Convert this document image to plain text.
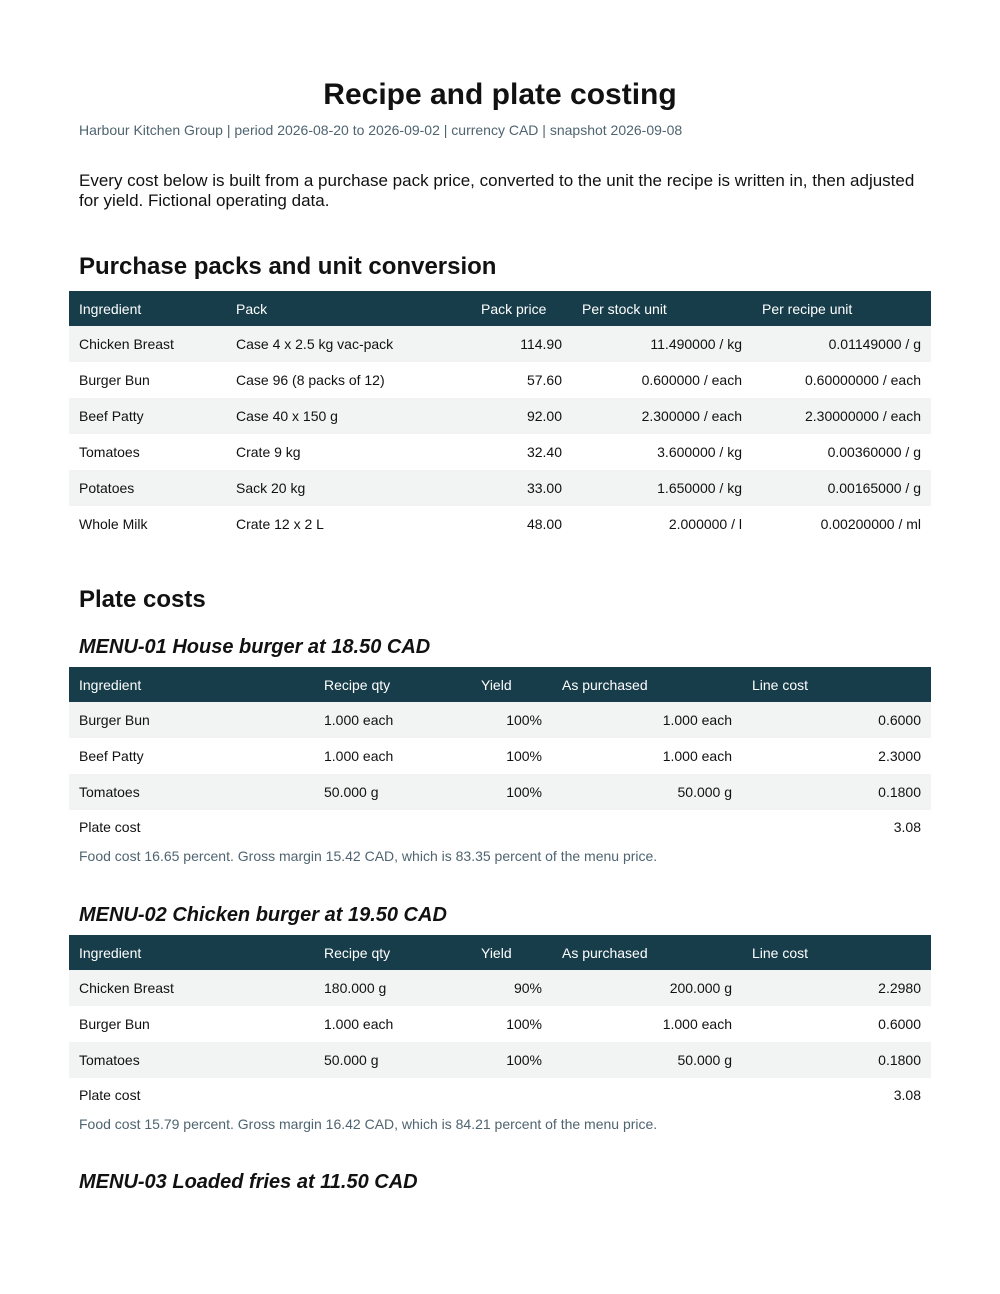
Recipe and plate costing
Harbour Kitchen Group | period 2026-08-20 to 2026-09-02 | currency CAD | snapshot 2026-09-08
Every cost below is built from a purchase pack price, converted to the unit the recipe is written in, then adjusted for yield. Fictional operating data.
Purchase packs and unit conversion
Ingredient	Pack	Pack price	Per stock unit	Per recipe unit
Chicken Breast	Case 4 x 2.5 kg vac-pack	114.90	11.490000 / kg	0.01149000 / g
Burger Bun	Case 96 (8 packs of 12)	57.60	0.600000 / each	0.60000000 / each
Beef Patty	Case 40 x 150 g	92.00	2.300000 / each	2.30000000 / each
Tomatoes	Crate 9 kg	32.40	3.600000 / kg	0.00360000 / g
Potatoes	Sack 20 kg	33.00	1.650000 / kg	0.00165000 / g
Whole Milk	Crate 12 x 2 L	48.00	2.000000 / l	0.00200000 / ml
Plate costs
MENU-01 House burger at 18.50 CAD
Ingredient	Recipe qty	Yield	As purchased	Line cost
Burger Bun	1.000 each	100%	1.000 each	0.6000
Beef Patty	1.000 each	100%	1.000 each	2.3000
Tomatoes	50.000 g	100%	50.000 g	0.1800
Plate cost				3.08
Food cost 16.65 percent. Gross margin 15.42 CAD, which is 83.35 percent of the menu price.
MENU-02 Chicken burger at 19.50 CAD
Ingredient	Recipe qty	Yield	As purchased	Line cost
Chicken Breast	180.000 g	90%	200.000 g	2.2980
Burger Bun	1.000 each	100%	1.000 each	0.6000
Tomatoes	50.000 g	100%	50.000 g	0.1800
Plate cost				3.08
Food cost 15.79 percent. Gross margin 16.42 CAD, which is 84.21 percent of the menu price.
MENU-03 Loaded fries at 11.50 CAD
